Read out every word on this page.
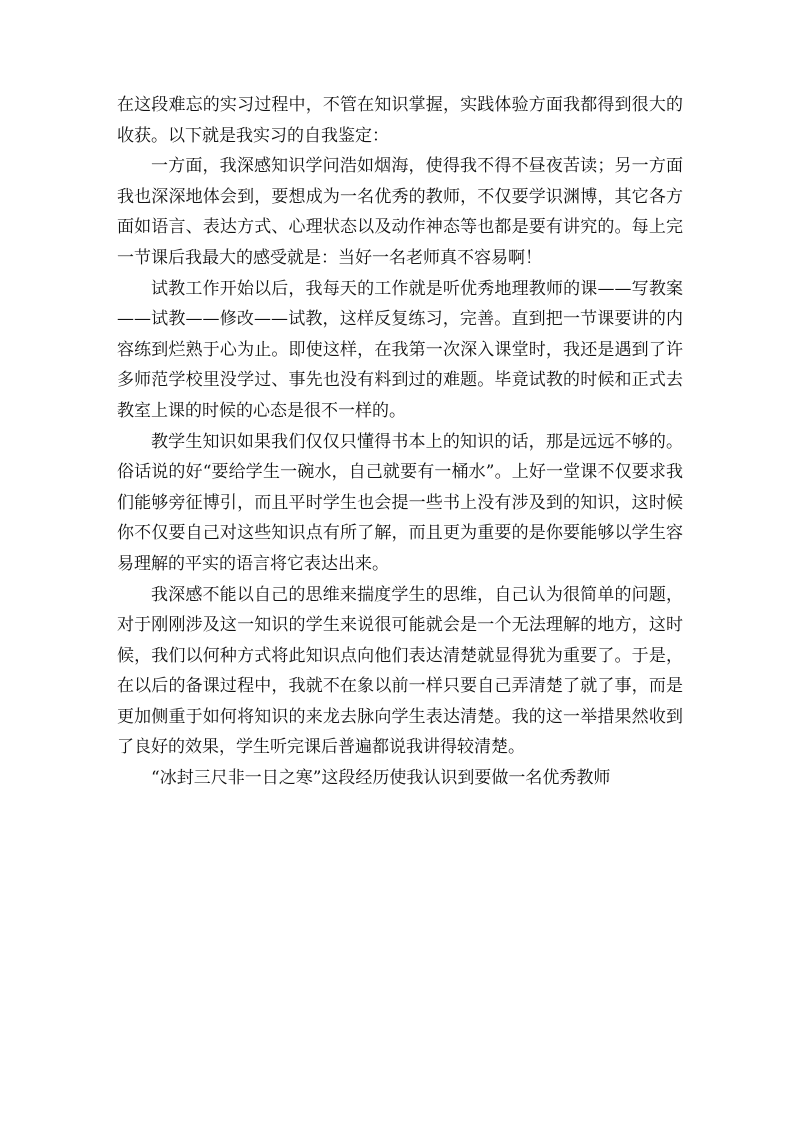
在这段难忘的实习过程中，不管在知识掌握，实践体验方面我都得到很大的收获。以下就是我实习的自我鉴定：

一方面，我深感知识学问浩如烟海，使得我不得不昼夜苦读；另一方面我也深深地体会到，要想成为一名优秀的教师，不仅要学识渊博，其它各方面如语言、表达方式、心理状态以及动作神态等也都是要有讲究的。每上完一节课后我最大的感受就是：当好一名老师真不容易啊！

试教工作开始以后，我每天的工作就是听优秀地理教师的课——写教案——试教——修改——试教，这样反复练习，完善。直到把一节课要讲的内容练到烂熟于心为止。即使这样，在我第一次深入课堂时，我还是遇到了许多师范学校里没学过、事先也没有料到过的难题。毕竟试教的时候和正式去教室上课的时候的心态是很不一样的。

教学生知识如果我们仅仅只懂得书本上的知识的话，那是远远不够的。俗话说的好“要给学生一碗水，自己就要有一桶水”。上好一堂课不仅要求我们能够旁征博引，而且平时学生也会提一些书上没有涉及到的知识，这时候你不仅要自己对这些知识点有所了解，而且更为重要的是你要能够以学生容易理解的平实的语言将它表达出来。

我深感不能以自己的思维来揣度学生的思维，自己认为很简单的问题，对于刚刚涉及这一知识的学生来说很可能就会是一个无法理解的地方，这时候，我们以何种方式将此知识点向他们表达清楚就显得犹为重要了。于是，在以后的备课过程中，我就不在象以前一样只要自己弄清楚了就了事，而是更加侧重于如何将知识的来龙去脉向学生表达清楚。我的这一举措果然收到了良好的效果，学生听完课后普遍都说我讲得较清楚。

“冰封三尺非一日之寒”这段经历使我认识到要做一名优秀教师
